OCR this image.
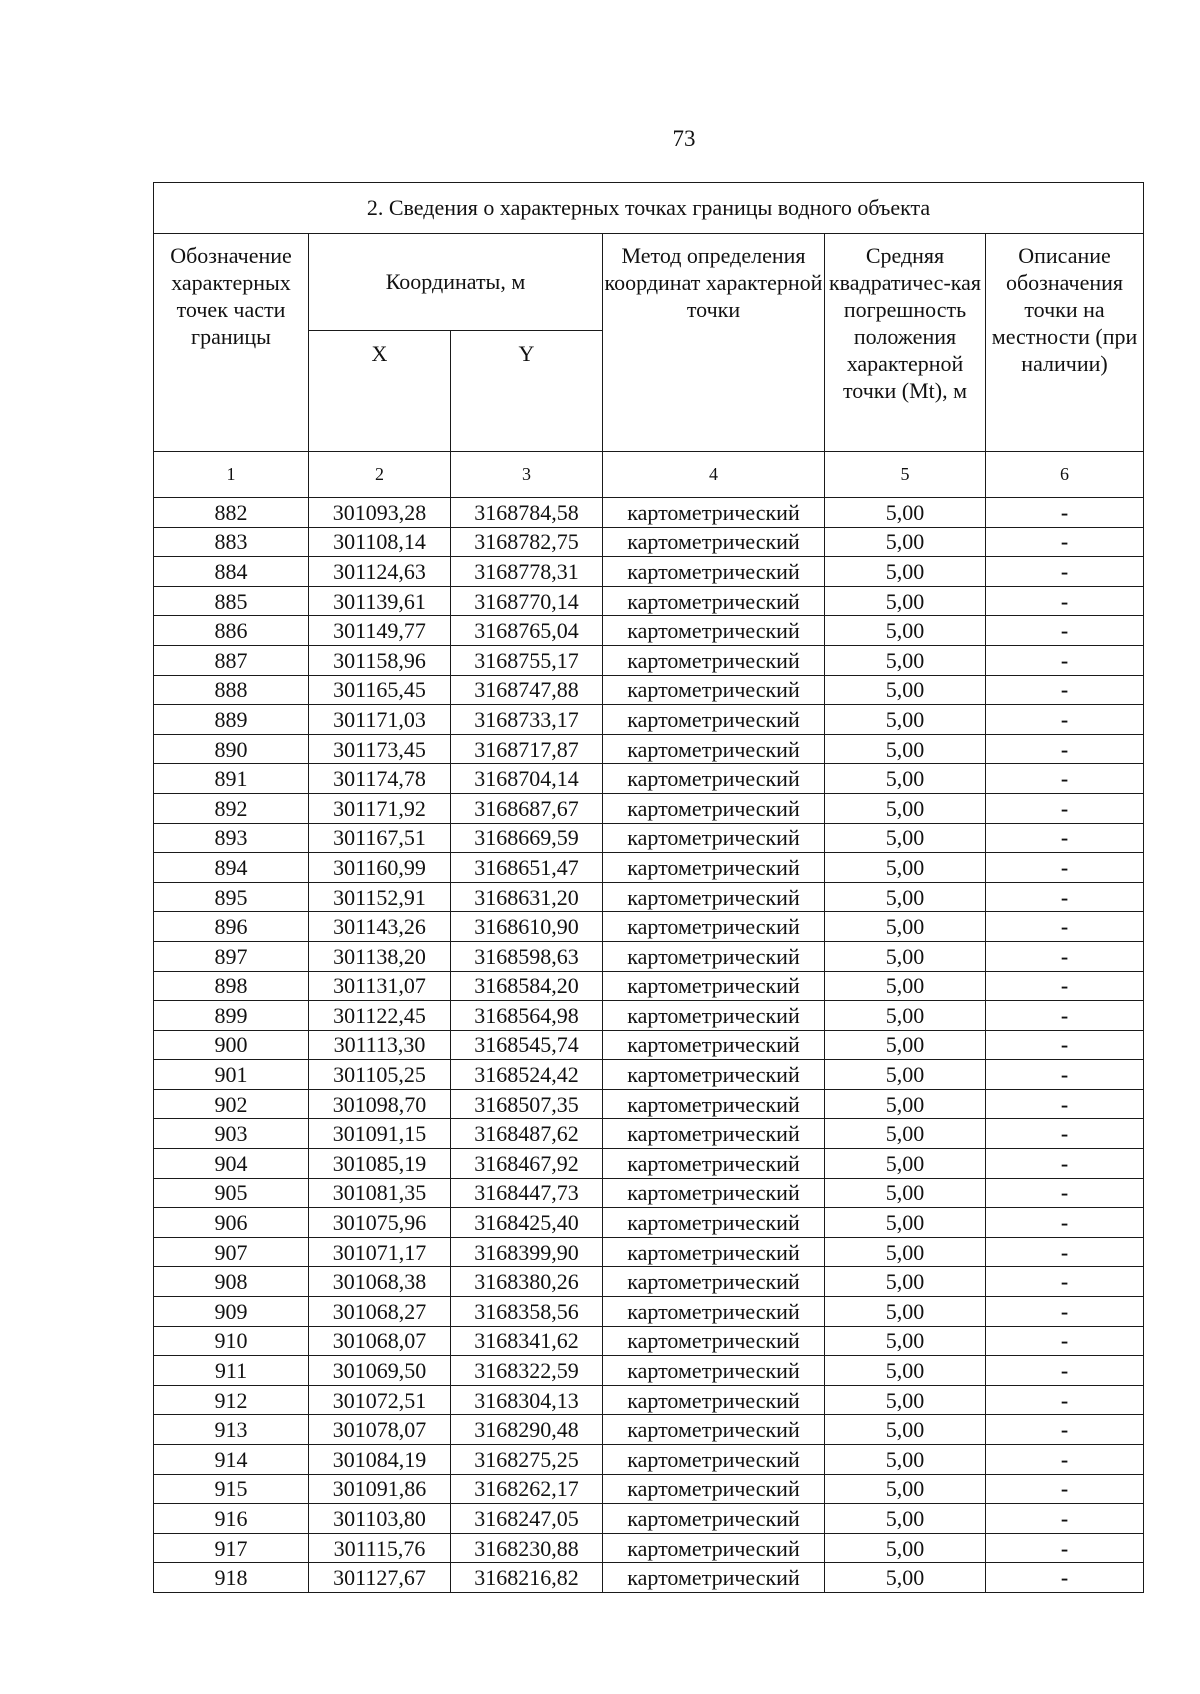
73
2. Сведения о характерных точках границы водного объекта					
Обозначение характерных точек части границы	Координаты, м		Метод определения координат характерной точки	Средняя квадратичес-кая погрешность положения характерной точки (Mt), м	Описание обозначения точки на местности (при наличии)
	X	Y			
1	2	3	4	5	6
882	301093,28	3168784,58	картометрический	5,00	-
883	301108,14	3168782,75	картометрический	5,00	-
884	301124,63	3168778,31	картометрический	5,00	-
885	301139,61	3168770,14	картометрический	5,00	-
886	301149,77	3168765,04	картометрический	5,00	-
887	301158,96	3168755,17	картометрический	5,00	-
888	301165,45	3168747,88	картометрический	5,00	-
889	301171,03	3168733,17	картометрический	5,00	-
890	301173,45	3168717,87	картометрический	5,00	-
891	301174,78	3168704,14	картометрический	5,00	-
892	301171,92	3168687,67	картометрический	5,00	-
893	301167,51	3168669,59	картометрический	5,00	-
894	301160,99	3168651,47	картометрический	5,00	-
895	301152,91	3168631,20	картометрический	5,00	-
896	301143,26	3168610,90	картометрический	5,00	-
897	301138,20	3168598,63	картометрический	5,00	-
898	301131,07	3168584,20	картометрический	5,00	-
899	301122,45	3168564,98	картометрический	5,00	-
900	301113,30	3168545,74	картометрический	5,00	-
901	301105,25	3168524,42	картометрический	5,00	-
902	301098,70	3168507,35	картометрический	5,00	-
903	301091,15	3168487,62	картометрический	5,00	-
904	301085,19	3168467,92	картометрический	5,00	-
905	301081,35	3168447,73	картометрический	5,00	-
906	301075,96	3168425,40	картометрический	5,00	-
907	301071,17	3168399,90	картометрический	5,00	-
908	301068,38	3168380,26	картометрический	5,00	-
909	301068,27	3168358,56	картометрический	5,00	-
910	301068,07	3168341,62	картометрический	5,00	-
911	301069,50	3168322,59	картометрический	5,00	-
912	301072,51	3168304,13	картометрический	5,00	-
913	301078,07	3168290,48	картометрический	5,00	-
914	301084,19	3168275,25	картометрический	5,00	-
915	301091,86	3168262,17	картометрический	5,00	-
916	301103,80	3168247,05	картометрический	5,00	-
917	301115,76	3168230,88	картометрический	5,00	-
918	301127,67	3168216,82	картометрический	5,00	-
